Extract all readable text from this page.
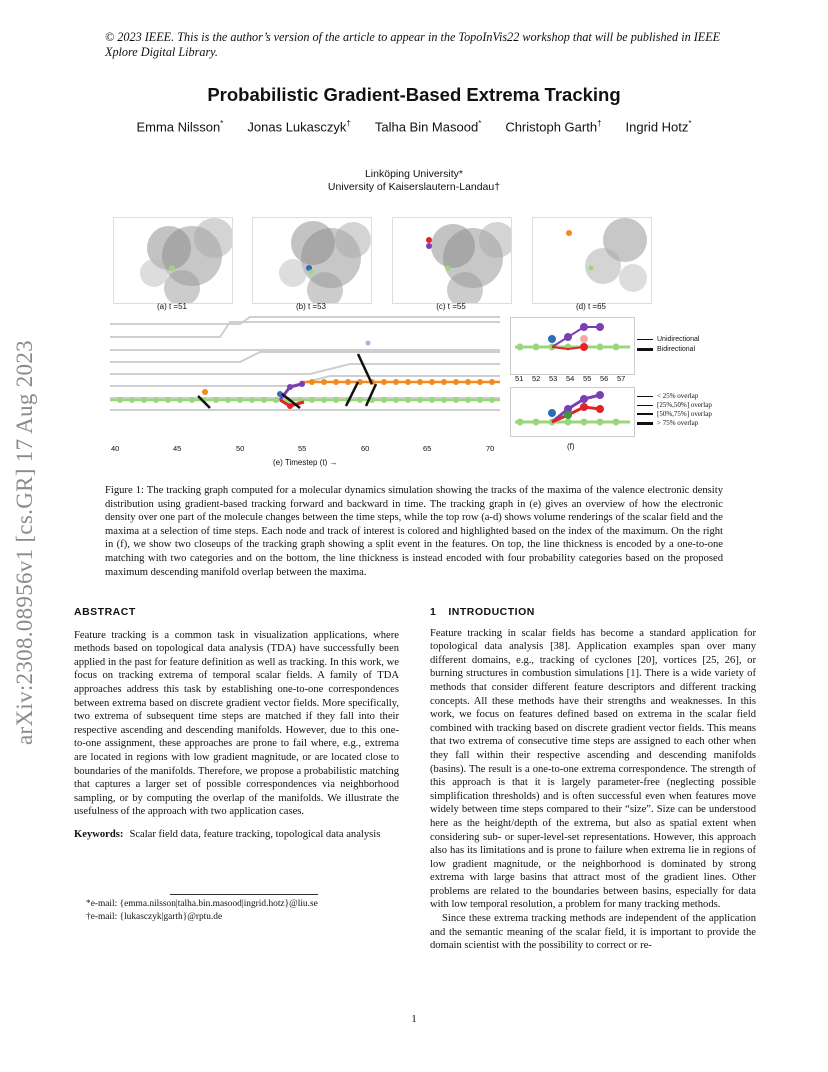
© 2023 IEEE. This is the author’s version of the article to appear in the TopoInVis22 workshop that will be published in IEEE Xplore Digital Library.
Probabilistic Gradient-Based Extrema Tracking
Emma Nilsson* Jonas Lukasczyk† Talha Bin Masood* Christoph Garth† Ingrid Hotz*
Linköping University*
University of Kaiserslautern-Landau†
arXiv:2308.08956v1 [cs.GR] 17 Aug 2023
(a) t =51	(b) t =53	(c) t =55	(d) t =65
40	45	50	55	60	65	70
(e) Timestep (t) →
51 52 53 54 55 56 57
(f)
Unidirectional
Bidirectional
< 25% overlap
[25%,50%] overlap
[50%,75%] overlap
> 75% overlap
Figure 1: The tracking graph computed for a molecular dynamics simulation showing the tracks of the maxima of the valence electronic density distribution using gradient-based tracking forward and backward in time. The tracking graph in (e) gives an overview of how the electronic density over one part of the molecule changes between the time steps, while the top row (a-d) shows volume renderings of the scalar field and the maxima at a selection of time steps. Each node and track of interest is colored and highlighted based on the index of the maximum. On the right in (f), we show two closeups of the tracking graph showing a split event in the features. On top, the line thickness is encoded by a one-to-one matching with two categories and on the bottom, the line thickness is instead encoded with four probability categories based on the proposed maximum descending manifold overlap between the maxima.
ABSTRACT

Feature tracking is a common task in visualization applications, where methods based on topological data analysis (TDA) have successfully been applied in the past for feature definition as well as tracking. In this work, we focus on tracking extrema of temporal scalar fields. A family of TDA approaches address this task by establishing one-to-one correspondences between extrema based on discrete gradient vector fields. More specifically, two extrema of subsequent time steps are matched if they fall into their respective ascending and descending manifolds. However, due to this one-to-one assignment, these approaches are prone to fail where, e.g., extrema are located in regions with low gradient magnitude, or are located close to boundaries of the manifolds. Therefore, we propose a probabilistic matching that captures a larger set of possible correspondences via neighborhood sampling, or by computing the overlap of the manifolds. We illustrate the usefulness of the approach with two application cases.

Keywords: Scalar field data, feature tracking, topological data analysis

*e-mail: {emma.nilsson|talha.bin.masood|ingrid.hotz}@liu.se
†e-mail: {lukasczyk|garth}@rptu.de
1 INTRODUCTION

Feature tracking in scalar fields has become a standard application for topological data analysis [38]. Application examples span over many different domains, e.g., tracking of cyclones [20], vortices [25, 26], or burning structures in combustion simulations [1]. There is a wide variety of methods that consider different feature descriptors and different tracking concepts. All these methods have their strengths and weaknesses. In this work, we focus on features defined based on extrema in the scalar field combined with tracking based on discrete gradient vector fields. This means that two extrema of consecutive time steps are assigned to each other when they fall within their respective ascending and descending manifolds (basins). The result is a one-to-one extrema correspondence. The strength of this approach is that it is largely parameter-free (neglecting possible simplification thresholds) and is often successful even when features move widely between time steps compared to their “size”. Size can be understood here as the height/depth of the extrema, but also as spatial extent when considering sub- or super-level-set representations. However, this approach also has its limitations and is prone to failure when extrema lie in regions of low gradient magnitude, or the neighborhood is dominated by strong extrema with large basins that attract most of the gradient lines. Other problems are related to the boundaries between basins, especially for data with low temporal resolution, a problem for many tracking methods.

Since these extrema tracking methods are independent of the application and the semantic meaning of the scalar field, it is important to provide the domain scientist with the possibility to correct or re-

1
